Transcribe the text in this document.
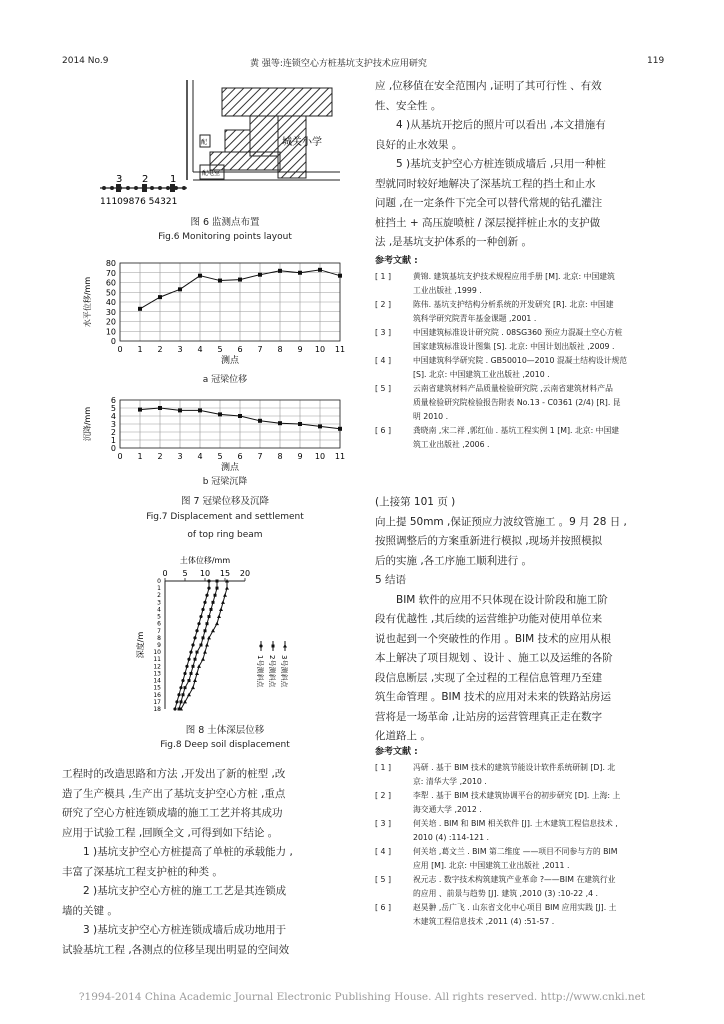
2014 No.9	黄 强等:连锁空心方桩基坑支护技术应用研究	119
3 2 1
11109876 54321
城关小学
配
配电室
图 6 监测点布置
Fig.6 Monitoring points layout
0
10
20
30
40
50
60
70
80
0 1 2 3 4 5 6 7 8 9 10 11
测点
水平位移/mm
a 冠梁位移
0
1
2
3
4
5
6
0 1 2 3 4 5 6 7 8 9 10 11
测点
沉降/mm
b 冠梁沉降
图 7 冠梁位移及沉降
Fig.7 Displacement and settlement
of top ring beam
土体位移/mm
0 5 10 15 20
0
1
2
3
4
5
6
7
8
9
10
11
12
13
14
15
16
17
18
深度/m
1号测斜点 2号测斜点 3号测斜点
图 8 土体深层位移
Fig.8 Deep soil displacement
工程时的改造思路和方法 ,开发出了新的桩型 ,改
造了生产模具 ,生产出了基坑支护空心方桩 ,重点
研究了空心方桩连锁成墙的施工工艺并将其成功
应用于试验工程 ,回顾全文 ,可得到如下结论 。
1 )基坑支护空心方桩提高了单桩的承载能力 ,
丰富了深基坑工程支护桩的种类 。
2 )基坑支护空心方桩的施工工艺是其连锁成
墙的关键 。
3 )基坑支护空心方桩连锁成墙后成功地用于
试验基坑工程 ,各测点的位移呈现出明显的空间效
应 ,位移值在安全范围内 ,证明了其可行性 、有效
性、安全性 。
4 )从基坑开挖后的照片可以看出 ,本文措施有
良好的止水效果 。
5 )基坑支护空心方桩连锁成墙后 ,只用一种桩
型就同时较好地解决了深基坑工程的挡土和止水
问题 ,在一定条件下完全可以替代常规的钻孔灌注
桩挡土 + 高压旋喷桩 / 深层搅拌桩止水的支护做
法 ,是基坑支护体系的一种创新 。
参考文献 :
[ 1 ]	黄锦. 建筑基坑支护技术规程应用手册 [M]. 北京: 中国建筑
工业出版社 ,1999 .
[ 2 ]	陈伟. 基坑支护结构分析系统的开发研究 [R]. 北京: 中国建
筑科学研究院青年基金课题 ,2001 .
[ 3 ]	中国建筑标准设计研究院 . 08SG360 预应力混凝土空心方桩
国家建筑标准设计图集 [S]. 北京: 中国计划出版社 ,2009 .
[ 4 ]	中国建筑科学研究院 . GB50010—2010 混凝土结构设计规范
[S]. 北京: 中国建筑工业出版社 ,2010 .
[ 5 ]	云南省建筑材料产品质量检验研究院 ,云南省建筑材料产品
质量检验研究院检验报告附表 No.13 - C0361 (2/4) [R]. 昆
明 2010 .
[ 6 ]	龚晓南 ,宋二祥 ,郭红仙 . 基坑工程实例 1 [M]. 北京: 中国建
筑工业出版社 ,2006 .
(上接第 101 页 )
向上提 50mm ,保证预应力波纹管施工 。9 月 28 日 ,
按照调整后的方案重新进行模拟 ,现场并按照模拟
后的实施 ,各工序施工顺利进行 。
5 结语
BIM 软件的应用不只体现在设计阶段和施工阶
段有优越性 ,其后续的运营维护功能对使用单位来
说也起到一个突破性的作用 。BIM 技术的应用从根
本上解决了项目规划 、设计 、施工以及运维的各阶
段信息断层 ,实现了全过程的工程信息管理乃至建
筑生命管理 。BIM 技术的应用对未来的铁路站房运
营将是一场革命 ,让站房的运营管理真正走在数字
化道路上 。
参考文献 :
[ 1 ]	冯研 . 基于 BIM 技术的建筑节能设计软件系统研制 [D]. 北
京: 清华大学 ,2010 .
[ 2 ]	李犁 . 基于 BIM 技术建筑协调平台的初步研究 [D]. 上海: 上
海交通大学 ,2012 .
[ 3 ]	何关培 . BIM 和 BIM 相关软件 [J]. 土木建筑工程信息技术 ,
2010 (4) :114-121 .
[ 4 ]	何关培 ,葛文兰 . BIM 第二维度 ——项目不同参与方的 BIM
应用 [M]. 北京: 中国建筑工业出版社 ,2011 .
[ 5 ]	祝元志 . 数字技术构筑建筑产业革命 ?——BIM 在建筑行业
的应用 、前景与趋势 [J]. 建筑 ,2010 (3) :10-22 ,4 .
[ 6 ]	赵昊翀 ,岳广飞 . 山东省文化中心项目 BIM 应用实践 [J]. 土
木建筑工程信息技术 ,2011 (4) :51-57 .
?1994-2014 China Academic Journal Electronic Publishing House. All rights reserved. http://www.cnki.net
